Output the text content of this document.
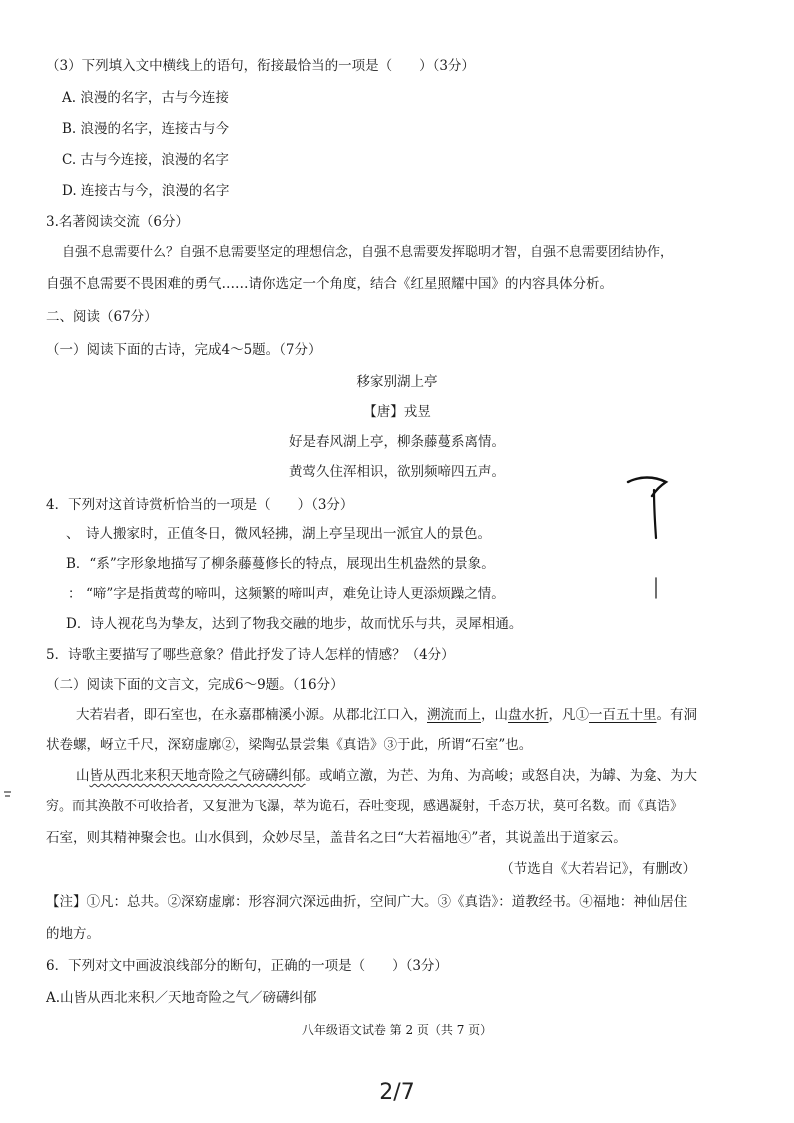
（3）下列填入文中横线上的语句，衔接最恰当的一项是（　　）（3分）
A. 浪漫的名字，古与今连接
B. 浪漫的名字，连接古与今
C. 古与今连接，浪漫的名字
D. 连接古与今，浪漫的名字
3.名著阅读交流（6分）
自强不息需要什么？自强不息需要坚定的理想信念，自强不息需要发挥聪明才智，自强不息需要团结协作，
自强不息需要不畏困难的勇气……请你选定一个角度，结合《红星照耀中国》的内容具体分析。
二、阅读（67分）
（一）阅读下面的古诗，完成4～5题。（7分）
移家别湖上亭
【唐】戎昱
好是春风湖上亭，柳条藤蔓系离情。
黄莺久住浑相识，欲别频啼四五声。
4．下列对这首诗赏析恰当的一项是（　　）（3分）
、 诗人搬家时，正值冬日，微风轻拂，湖上亭呈现出一派宜人的景色。
B．“系”字形象地描写了柳条藤蔓修长的特点，展现出生机盎然的景象。
： “啼”字是指黄莺的啼叫，这频繁的啼叫声，难免让诗人更添烦躁之情。
D．诗人视花鸟为挚友，达到了物我交融的地步，故而忧乐与共，灵犀相通。
5．诗歌主要描写了哪些意象？借此抒发了诗人怎样的情感？（4分）
（二）阅读下面的文言文，完成6～9题。（16分）
大若岩者，即石室也，在永嘉郡楠溪小源。从郡北江口入，溯流而上，山盘水折，凡①一百五十里。有洞
状卷螺，岈立千尺，深窈虚廓②，梁陶弘景尝集《真诰》③于此，所谓“石室”也。
山皆从西北来积天地奇险之气磅礴纠郁。或峭立激，为芒、为角、为高峻；或怒自决，为罅、为龛、为大
穷。而其涣散不可收拾者，又复泄为飞瀑，萃为诡石，吞吐变现，感遇凝射，千态万状，莫可名数。而《真诰》
石室，则其精神聚会也。山水俱到，众妙尽呈，盖昔名之曰“大若福地④”者，其说盖出于道家云。
（节选自《大若岩记》，有删改）
【注】①凡：总共。②深窈虚廓：形容洞穴深远曲折，空间广大。③《真诰》：道教经书。④福地：神仙居住
的地方。
6．下列对文中画波浪线部分的断句，正确的一项是（　　）（3分）
A.山皆从西北来积／天地奇险之气／磅礴纠郁
八年级语文试卷 第 2 页（共 7 页）
2/7
